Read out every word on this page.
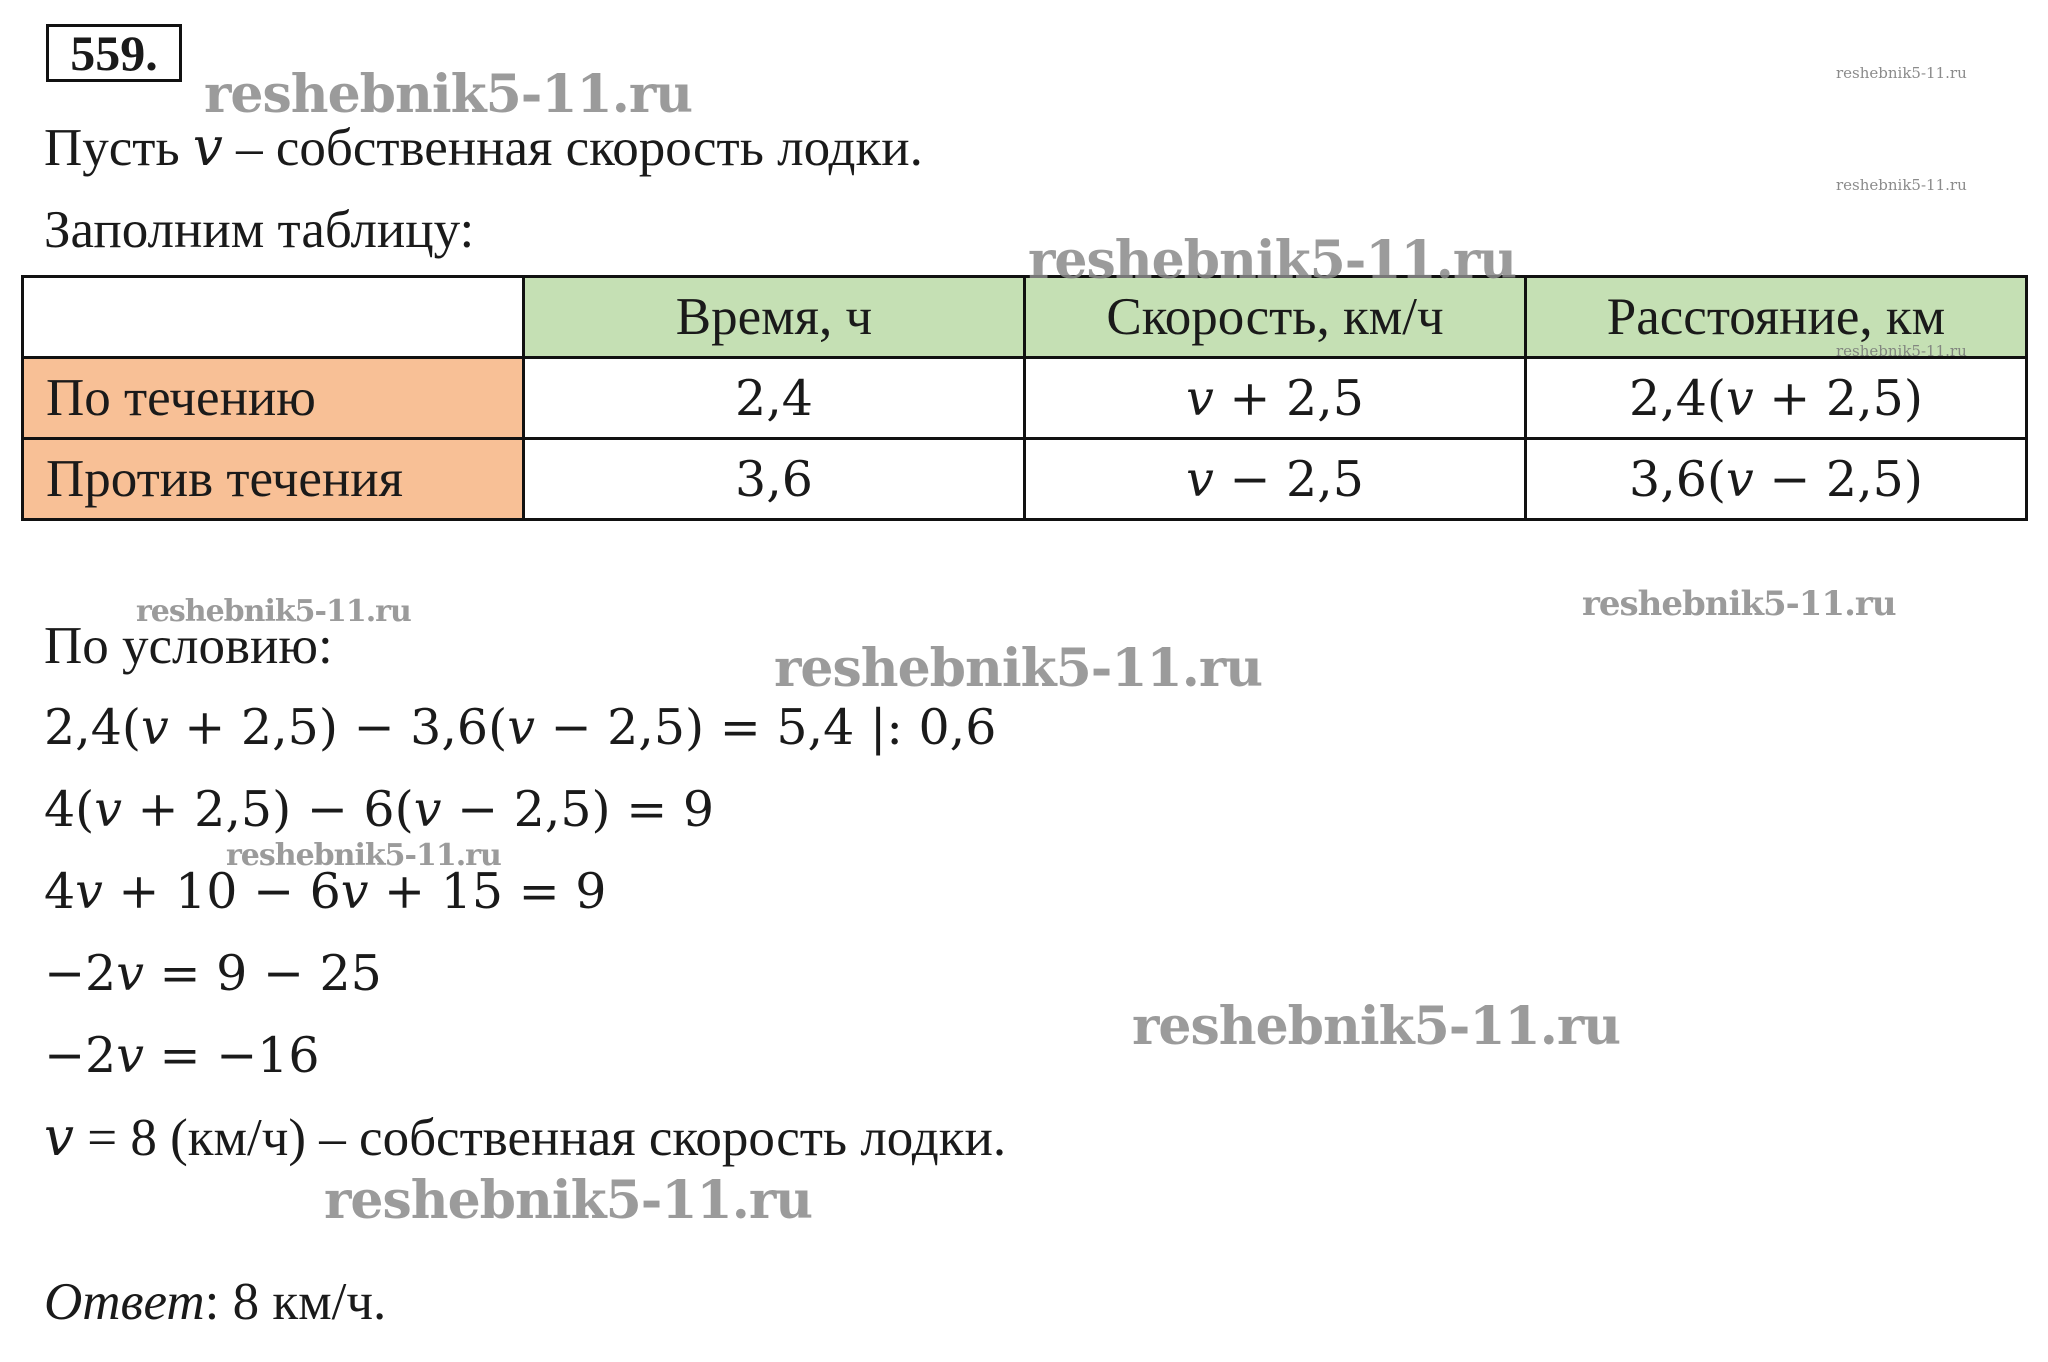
559.
Пусть 𝑣 – собственная скорость лодки.
Заполним таблицу:
	Время, ч	Скорость, км/ч	Расстояние, км
По течению	2,4	𝑣 + 2,5	2,4(𝑣 + 2,5)
Против течения	3,6	𝑣 − 2,5	3,6(𝑣 − 2,5)
По условию:
2,4(𝑣 + 2,5) − 3,6(𝑣 − 2,5) = 5,4 |: 0,6
4(𝑣 + 2,5) − 6(𝑣 − 2,5) = 9
4𝑣 + 10 − 6𝑣 + 15 = 9
−2𝑣 = 9 − 25
−2𝑣 = −16
𝑣 = 8 (км/ч) – собственная скорость лодки.
Ответ: 8 км/ч.
reshebnik5-11.ru	reshebnik5-11.ru
reshebnik5-11.ru
reshebnik5-11.ru
reshebnik5-11.ru
reshebnik5-11.ru	reshebnik5-11.ru
reshebnik5-11.ru
reshebnik5-11.ru
reshebnik5-11.ru
reshebnik5-11.ru
